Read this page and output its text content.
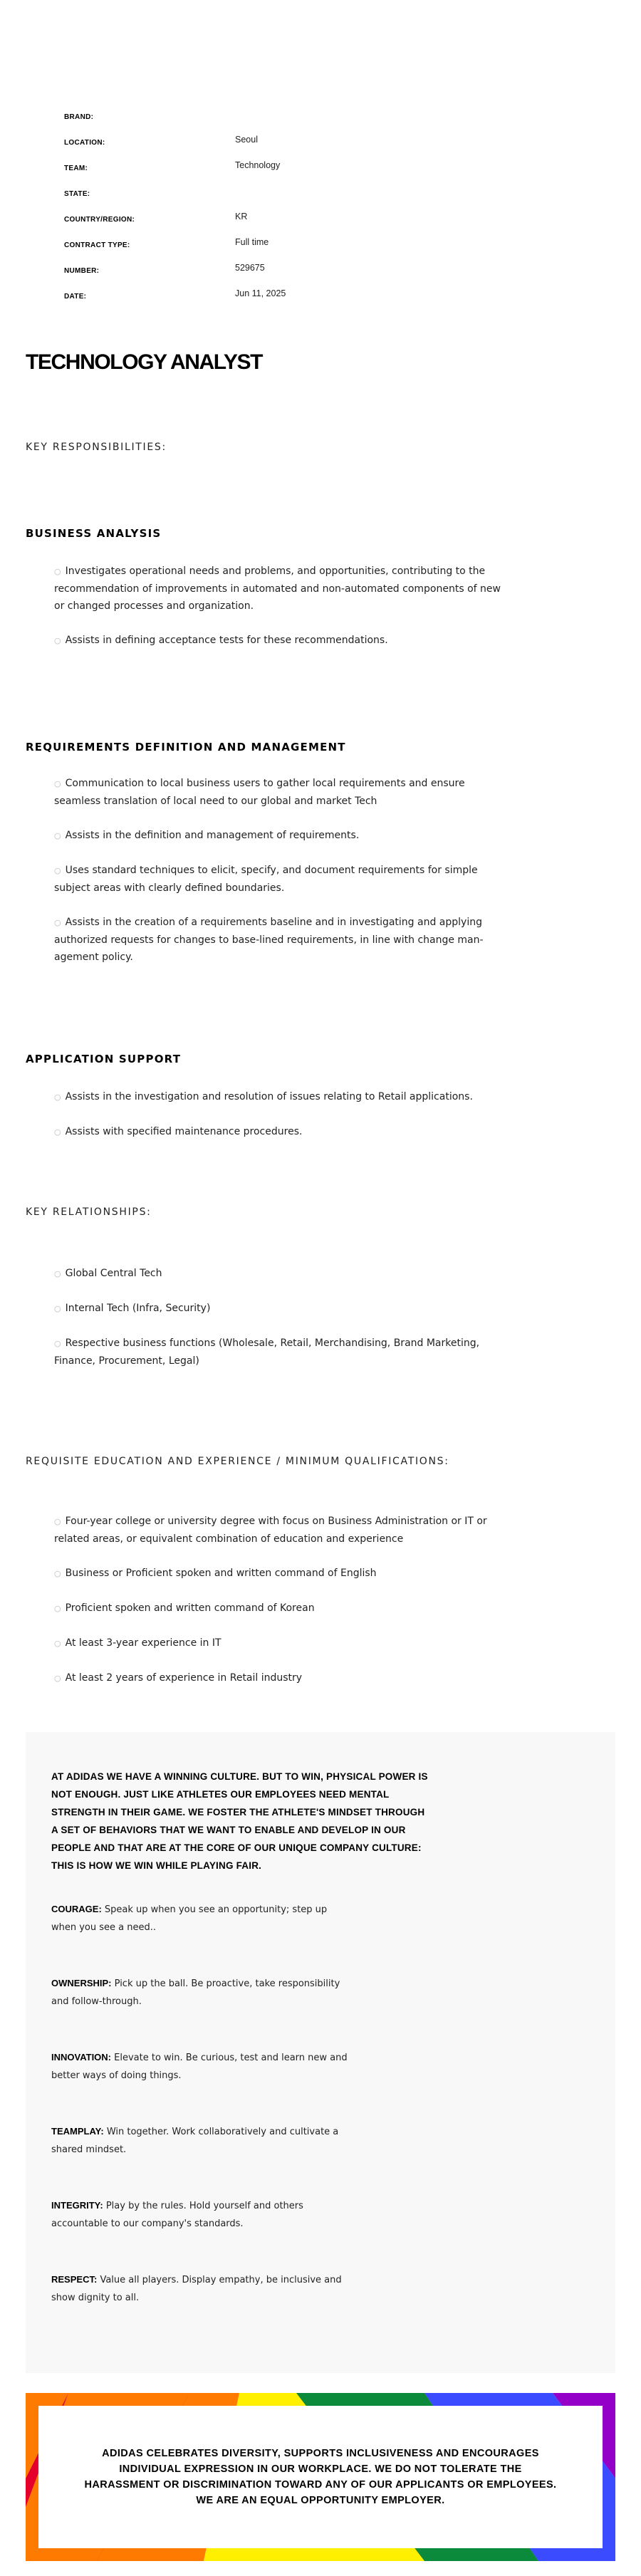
BRAND:
LOCATION:	Seoul
TEAM:	Technology
STATE:
COUNTRY/REGION:	KR
CONTRACT TYPE:	Full time
NUMBER:	529675
DATE:	Jun 11, 2025
TECHNOLOGY ANALYST
KEY RESPONSIBILITIES:
BUSINESS ANALYSIS
○ Investigates operational needs and problems, and opportunities, contributing to the recommendation of improvements in automated and non-automated components of new or changed processes and organization.
○ Assists in defining acceptance tests for these recommendations.
REQUIREMENTS DEFINITION AND MANAGEMENT
○ Communication to local business users to gather local requirements and ensure seamless translation of local need to our global and market Tech
○ Assists in the definition and management of requirements.
○ Uses standard techniques to elicit, specify, and document requirements for simple subject areas with clearly defined boundaries.
○ Assists in the creation of a requirements baseline and in investigating and applying authorized requests for changes to base-lined requirements, in line with change man-agement policy.
APPLICATION SUPPORT
○ Assists in the investigation and resolution of issues relating to Retail applications.
○ Assists with specified maintenance procedures.
KEY RELATIONSHIPS:
○ Global Central Tech
○ Internal Tech (Infra, Security)
○ Respective business functions (Wholesale, Retail, Merchandising, Brand Marketing, Finance, Procurement, Legal)
REQUISITE EDUCATION AND EXPERIENCE / MINIMUM QUALIFICATIONS:
○ Four-year college or university degree with focus on Business Administration or IT or related areas, or equivalent combination of education and experience
○ Business or Proficient spoken and written command of English
○ Proficient spoken and written command of Korean
○ At least 3-year experience in IT
○ At least 2 years of experience in Retail industry

AT ADIDAS WE HAVE A WINNING CULTURE. BUT TO WIN, PHYSICAL POWER IS NOT ENOUGH. JUST LIKE ATHLETES OUR EMPLOYEES NEED MENTAL STRENGTH IN THEIR GAME. WE FOSTER THE ATHLETE'S MINDSET THROUGH A SET OF BEHAVIORS THAT WE WANT TO ENABLE AND DEVELOP IN OUR PEOPLE AND THAT ARE AT THE CORE OF OUR UNIQUE COMPANY CULTURE: THIS IS HOW WE WIN WHILE PLAYING FAIR.

COURAGE: Speak up when you see an opportunity; step up when you see a need..

OWNERSHIP: Pick up the ball. Be proactive, take responsibility and follow-through.

INNOVATION: Elevate to win. Be curious, test and learn new and better ways of doing things.

TEAMPLAY: Win together. Work collaboratively and cultivate a shared mindset.

INTEGRITY: Play by the rules. Hold yourself and others accountable to our company's standards.

RESPECT: Value all players. Display empathy, be inclusive and show dignity to all.

ADIDAS CELEBRATES DIVERSITY, SUPPORTS INCLUSIVENESS AND ENCOURAGES INDIVIDUAL EXPRESSION IN OUR WORKPLACE. WE DO NOT TOLERATE THE HARASSMENT OR DISCRIMINATION TOWARD ANY OF OUR APPLICANTS OR EMPLOYEES. WE ARE AN EQUAL OPPORTUNITY EMPLOYER.
